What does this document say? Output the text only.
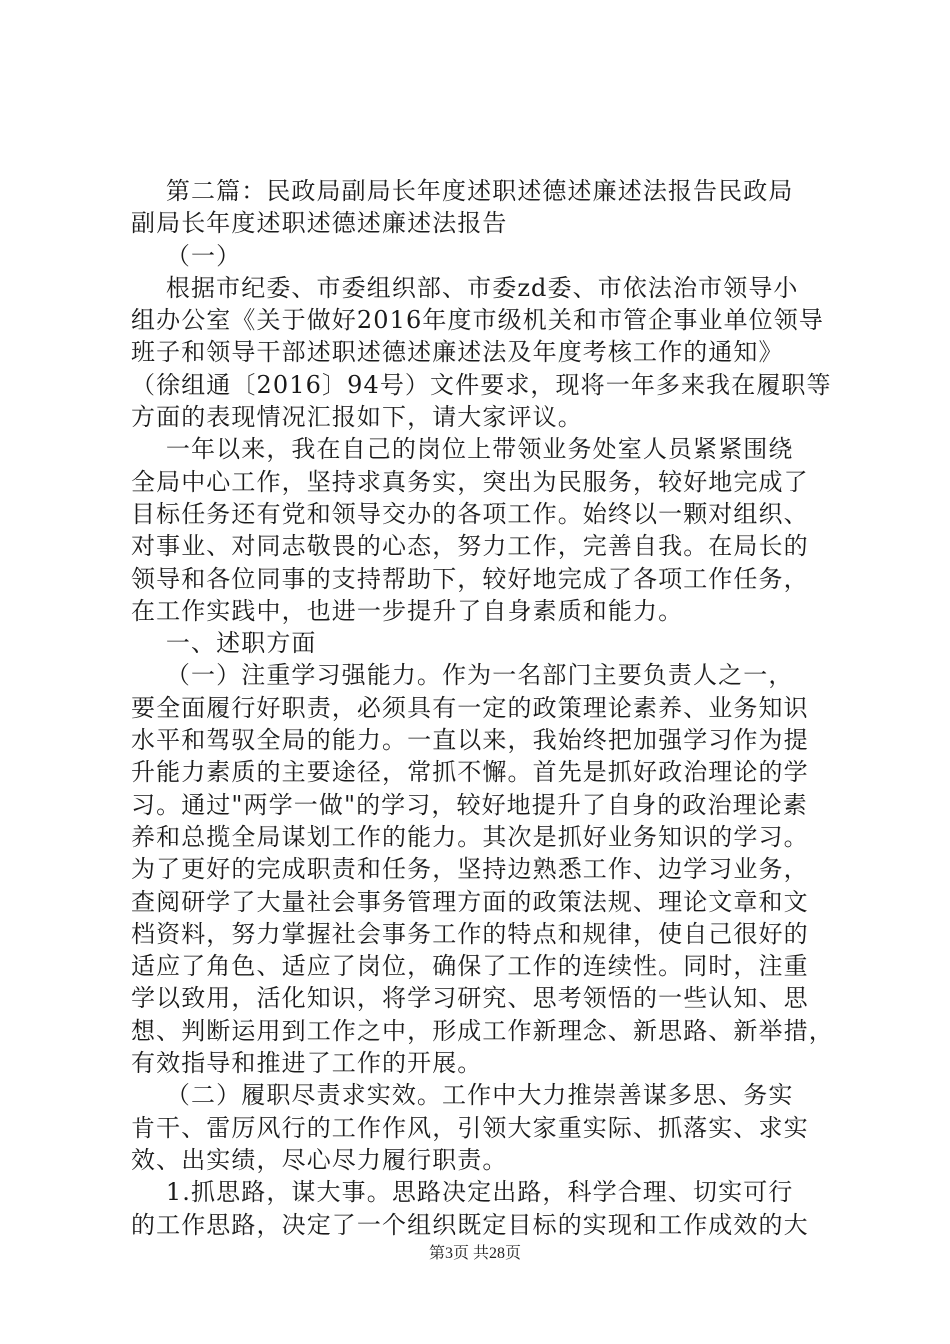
第二篇：民政局副局长年度述职述德述廉述法报告民政局
副局长年度述职述德述廉述法报告
（一）
根据市纪委、市委组织部、市委zd委、市依法治市领导小
组办公室《关于做好2016年度市级机关和市管企事业单位领导
班子和领导干部述职述德述廉述法及年度考核工作的通知》
（徐组通〔2016〕94号）文件要求，现将一年多来我在履职等
方面的表现情况汇报如下，请大家评议。
一年以来，我在自己的岗位上带领业务处室人员紧紧围绕
全局中心工作，坚持求真务实，突出为民服务，较好地完成了
目标任务还有党和领导交办的各项工作。始终以一颗对组织、
对事业、对同志敬畏的心态，努力工作，完善自我。在局长的
领导和各位同事的支持帮助下，较好地完成了各项工作任务，
在工作实践中，也进一步提升了自身素质和能力。
一、述职方面
（一）注重学习强能力。作为一名部门主要负责人之一，
要全面履行好职责，必须具有一定的政策理论素养、业务知识
水平和驾驭全局的能力。一直以来，我始终把加强学习作为提
升能力素质的主要途径，常抓不懈。首先是抓好政治理论的学
习。通过"两学一做"的学习，较好地提升了自身的政治理论素
养和总揽全局谋划工作的能力。其次是抓好业务知识的学习。
为了更好的完成职责和任务，坚持边熟悉工作、边学习业务，
查阅研学了大量社会事务管理方面的政策法规、理论文章和文
档资料，努力掌握社会事务工作的特点和规律，使自己很好的
适应了角色、适应了岗位，确保了工作的连续性。同时，注重
学以致用，活化知识，将学习研究、思考领悟的一些认知、思
想、判断运用到工作之中，形成工作新理念、新思路、新举措，
有效指导和推进了工作的开展。
（二）履职尽责求实效。工作中大力推崇善谋多思、务实
肯干、雷厉风行的工作作风，引领大家重实际、抓落实、求实
效、出实绩，尽心尽力履行职责。
1.抓思路，谋大事。思路决定出路，科学合理、切实可行
的工作思路，决定了一个组织既定目标的实现和工作成效的大
第3页 共28页
